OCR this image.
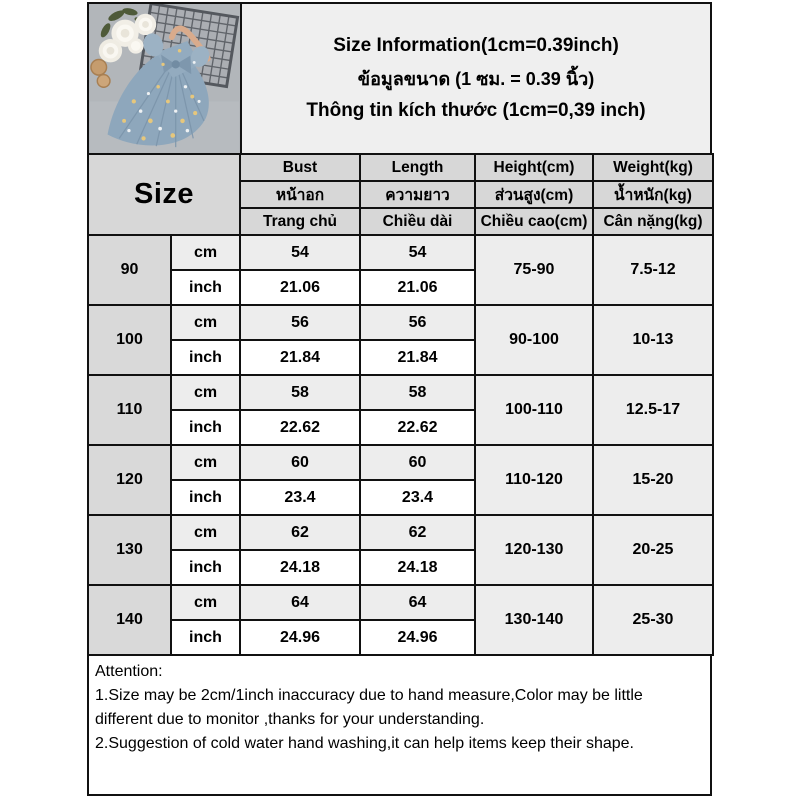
Size Information(1cm=0.39inch)
ข้อมูลขนาด (1 ซม. = 0.39 นิ้ว)
Thông tin kích thước (1cm=0,39 inch)
Size		Bust	Length	Height(cm)	Weight(kg)
		หน้าอก	ความยาว	ส่วนสูง(cm)	น้ำหนัก(kg)
		Trang chủ	Chiều dài	Chiều cao(cm)	Cân nặng(kg)
90	cm	54	54	75-90	7.5-12
	inch	21.06	21.06		
100	cm	56	56	90-100	10-13
	inch	21.84	21.84		
110	cm	58	58	100-110	12.5-17
	inch	22.62	22.62		
120	cm	60	60	110-120	15-20
	inch	23.4	23.4		
130	cm	62	62	120-130	20-25
	inch	24.18	24.18		
140	cm	64	64	130-140	25-30
	inch	24.96	24.96		

Attention:

1.Size may be 2cm/1inch inaccuracy due to hand measure,Color may be little different due to monitor ,thanks for your understanding.

2.Suggestion of cold water hand washing,it can help items keep their shape.
